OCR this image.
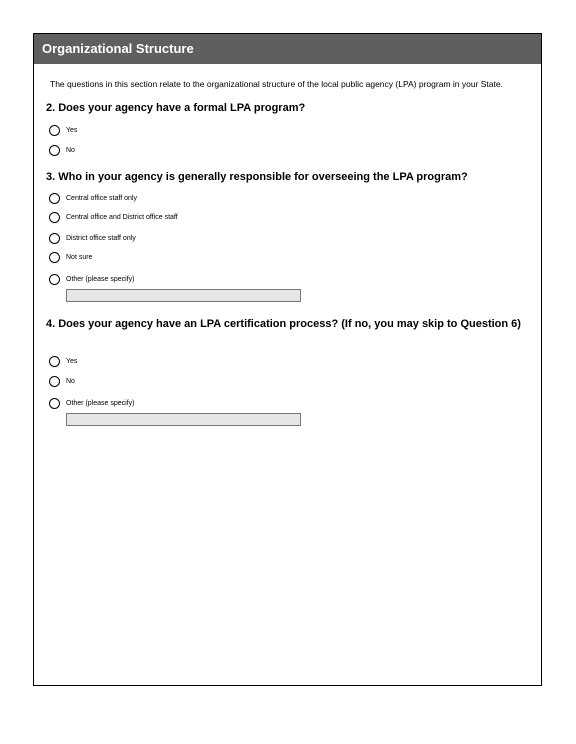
Organizational Structure
The questions in this section relate to the organizational structure of the local public agency (LPA) program in your State.
2. Does your agency have a formal LPA program?
Yes
No
3. Who in your agency is generally responsible for overseeing the LPA program?
Central office staff only
Central office and District office staff
District office staff only
Not sure
Other (please specify)
4. Does your agency have an LPA certification process? (If no, you may skip to Question 6)
Yes
No
Other (please specify)
